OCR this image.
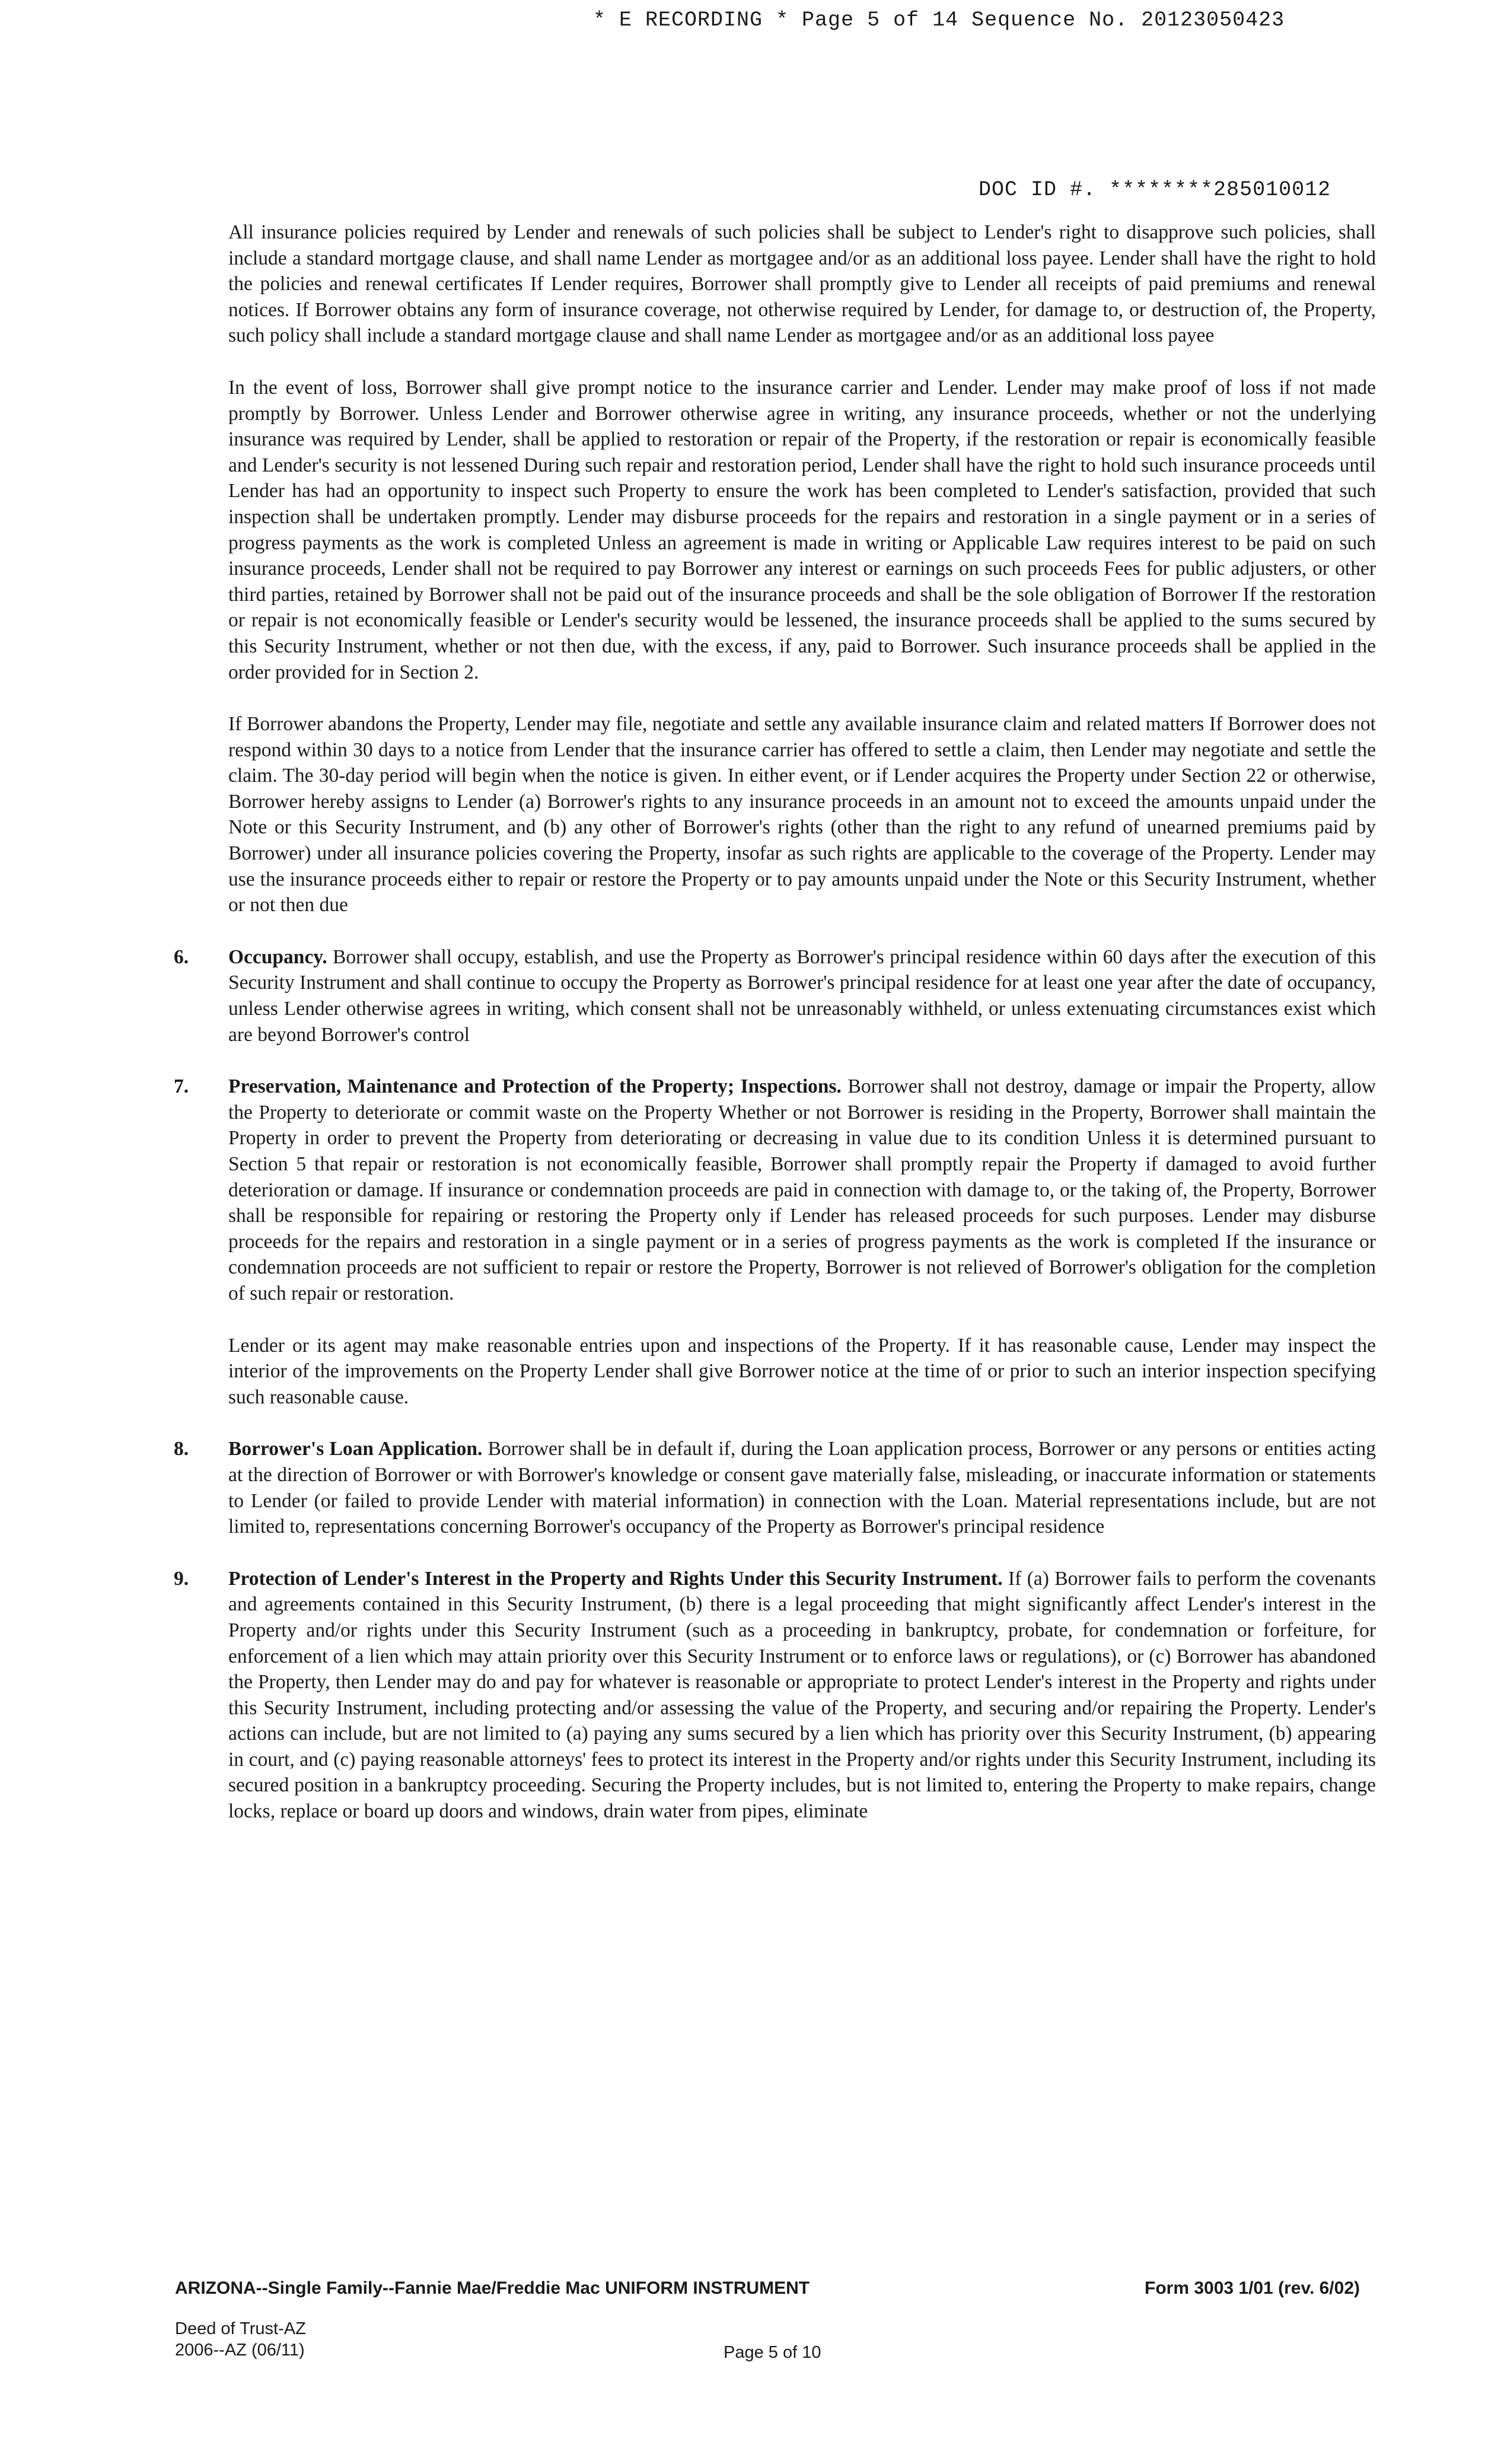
* E RECORDING * Page 5 of 14 Sequence No. 20123050423
DOC ID #. ********285010012

All insurance policies required by Lender and renewals of such policies shall be subject to Lender's right to disapprove such policies, shall include a standard mortgage clause, and shall name Lender as mortgagee and/or as an additional loss payee. Lender shall have the right to hold the policies and renewal certificates If Lender requires, Borrower shall promptly give to Lender all receipts of paid premiums and renewal notices. If Borrower obtains any form of insurance coverage, not otherwise required by Lender, for damage to, or destruction of, the Property, such policy shall include a standard mortgage clause and shall name Lender as mortgagee and/or as an additional loss payee

In the event of loss, Borrower shall give prompt notice to the insurance carrier and Lender. Lender may make proof of loss if not made promptly by Borrower. Unless Lender and Borrower otherwise agree in writing, any insurance proceeds, whether or not the underlying insurance was required by Lender, shall be applied to restoration or repair of the Property, if the restoration or repair is economically feasible and Lender's security is not lessened During such repair and restoration period, Lender shall have the right to hold such insurance proceeds until Lender has had an opportunity to inspect such Property to ensure the work has been completed to Lender's satisfaction, provided that such inspection shall be undertaken promptly. Lender may disburse proceeds for the repairs and restoration in a single payment or in a series of progress payments as the work is completed Unless an agreement is made in writing or Applicable Law requires interest to be paid on such insurance proceeds, Lender shall not be required to pay Borrower any interest or earnings on such proceeds Fees for public adjusters, or other third parties, retained by Borrower shall not be paid out of the insurance proceeds and shall be the sole obligation of Borrower If the restoration or repair is not economically feasible or Lender's security would be lessened, the insurance proceeds shall be applied to the sums secured by this Security Instrument, whether or not then due, with the excess, if any, paid to Borrower. Such insurance proceeds shall be applied in the order provided for in Section 2.

If Borrower abandons the Property, Lender may file, negotiate and settle any available insurance claim and related matters If Borrower does not respond within 30 days to a notice from Lender that the insurance carrier has offered to settle a claim, then Lender may negotiate and settle the claim. The 30-day period will begin when the notice is given. In either event, or if Lender acquires the Property under Section 22 or otherwise, Borrower hereby assigns to Lender (a) Borrower's rights to any insurance proceeds in an amount not to exceed the amounts unpaid under the Note or this Security Instrument, and (b) any other of Borrower's rights (other than the right to any refund of unearned premiums paid by Borrower) under all insurance policies covering the Property, insofar as such rights are applicable to the coverage of the Property. Lender may use the insurance proceeds either to repair or restore the Property or to pay amounts unpaid under the Note or this Security Instrument, whether or not then due

6. Occupancy. Borrower shall occupy, establish, and use the Property as Borrower's principal residence within 60 days after the execution of this Security Instrument and shall continue to occupy the Property as Borrower's principal residence for at least one year after the date of occupancy, unless Lender otherwise agrees in writing, which consent shall not be unreasonably withheld, or unless extenuating circumstances exist which are beyond Borrower's control
7. Preservation, Maintenance and Protection of the Property; Inspections. Borrower shall not destroy, damage or impair the Property, allow the Property to deteriorate or commit waste on the Property Whether or not Borrower is residing in the Property, Borrower shall maintain the Property in order to prevent the Property from deteriorating or decreasing in value due to its condition Unless it is determined pursuant to Section 5 that repair or restoration is not economically feasible, Borrower shall promptly repair the Property if damaged to avoid further deterioration or damage. If insurance or condemnation proceeds are paid in connection with damage to, or the taking of, the Property, Borrower shall be responsible for repairing or restoring the Property only if Lender has released proceeds for such purposes. Lender may disburse proceeds for the repairs and restoration in a single payment or in a series of progress payments as the work is completed If the insurance or condemnation proceeds are not sufficient to repair or restore the Property, Borrower is not relieved of Borrower's obligation for the completion of such repair or restoration.

Lender or its agent may make reasonable entries upon and inspections of the Property. If it has reasonable cause, Lender may inspect the interior of the improvements on the Property Lender shall give Borrower notice at the time of or prior to such an interior inspection specifying such reasonable cause.

8. Borrower's Loan Application. Borrower shall be in default if, during the Loan application process, Borrower or any persons or entities acting at the direction of Borrower or with Borrower's knowledge or consent gave materially false, misleading, or inaccurate information or statements to Lender (or failed to provide Lender with material information) in connection with the Loan. Material representations include, but are not limited to, representations concerning Borrower's occupancy of the Property as Borrower's principal residence
9. Protection of Lender's Interest in the Property and Rights Under this Security Instrument. If (a) Borrower fails to perform the covenants and agreements contained in this Security Instrument, (b) there is a legal proceeding that might significantly affect Lender's interest in the Property and/or rights under this Security Instrument (such as a proceeding in bankruptcy, probate, for condemnation or forfeiture, for enforcement of a lien which may attain priority over this Security Instrument or to enforce laws or regulations), or (c) Borrower has abandoned the Property, then Lender may do and pay for whatever is reasonable or appropriate to protect Lender's interest in the Property and rights under this Security Instrument, including protecting and/or assessing the value of the Property, and securing and/or repairing the Property. Lender's actions can include, but are not limited to (a) paying any sums secured by a lien which has priority over this Security Instrument, (b) appearing in court, and (c) paying reasonable attorneys' fees to protect its interest in the Property and/or rights under this Security Instrument, including its secured position in a bankruptcy proceeding. Securing the Property includes, but is not limited to, entering the Property to make repairs, change locks, replace or board up doors and windows, drain water from pipes, eliminate
ARIZONA--Single Family--Fannie Mae/Freddie Mac UNIFORM INSTRUMENT
Deed of Trust-AZ
2006--AZ (06/11)
Form 3003 1/01 (rev. 6/02)
Page 5 of 10
